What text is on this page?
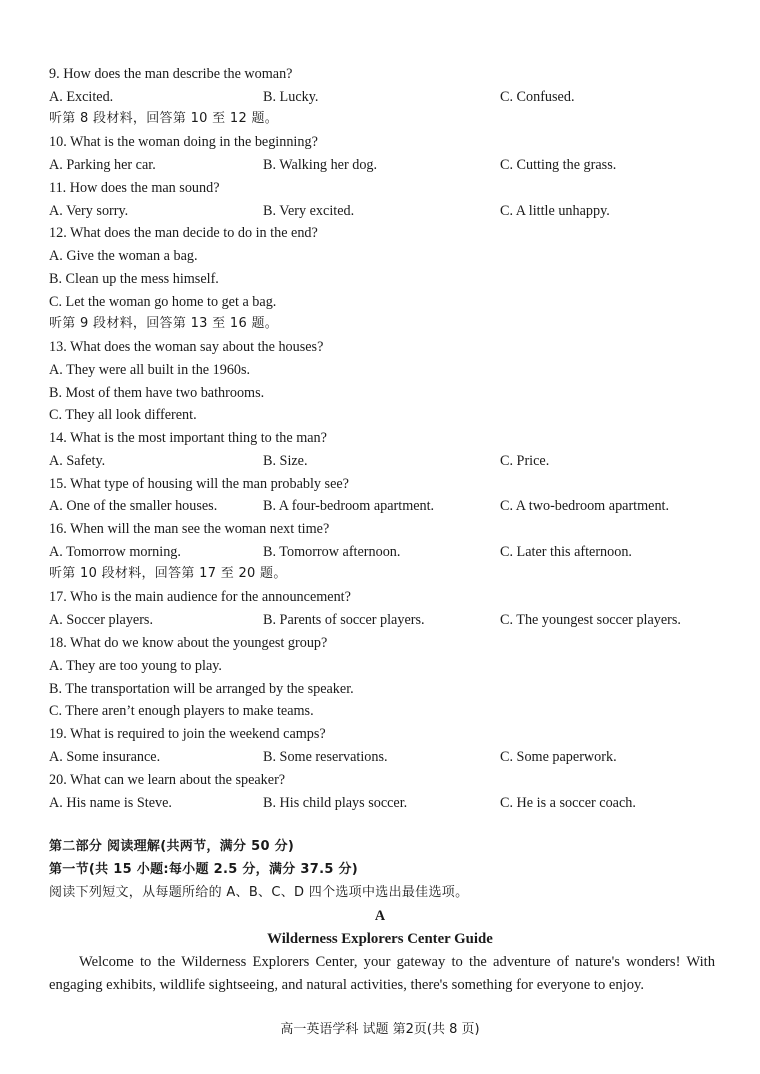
9. How does the man describe the woman?
A. Excited.	B. Lucky.	C. Confused.
听第 8 段材料，回答第 10 至 12 题。
10. What is the woman doing in the beginning?
A. Parking her car.	B. Walking her dog.	C. Cutting the grass.
11. How does the man sound?
A. Very sorry.	B. Very excited.	C. A little unhappy.
12. What does the man decide to do in the end?
A. Give the woman a bag.
B. Clean up the mess himself.
C. Let the woman go home to get a bag.
听第 9 段材料，回答第 13 至 16 题。
13. What does the woman say about the houses?
A. They were all built in the 1960s.
B. Most of them have two bathrooms.
C. They all look different.
14. What is the most important thing to the man?
A. Safety.	B. Size.	C. Price.
15. What type of housing will the man probably see?
A. One of the smaller houses.	B. A four-bedroom apartment.	C. A two-bedroom apartment.
16. When will the man see the woman next time?
A. Tomorrow morning.	B. Tomorrow afternoon.	C. Later this afternoon.
听第 10 段材料，回答第 17 至 20 题。
17. Who is the main audience for the announcement?
A. Soccer players.	B. Parents of soccer players.	C. The youngest soccer players.
18. What do we know about the youngest group?
A. They are too young to play.
B. The transportation will be arranged by the speaker.
C. There aren’t enough players to make teams.
19. What is required to join the weekend camps?
A. Some insurance.	B. Some reservations.	C. Some paperwork.
20. What can we learn about the speaker?
A. His name is Steve.	B. His child plays soccer.	C. He is a soccer coach.
第二部分 阅读理解(共两节，满分 50 分)
第一节(共 15 小题:每小题 2.5 分，满分 37.5 分)
阅读下列短文，从每题所给的 A、B、C、D 四个选项中选出最佳选项。
A
Wilderness Explorers Center Guide
Welcome to the Wilderness Explorers Center, your gateway to the adventure of nature's wonders! With engaging exhibits, wildlife sightseeing, and natural activities, there's something for everyone to enjoy.
高一英语学科 试题 第2页(共 8 页)
